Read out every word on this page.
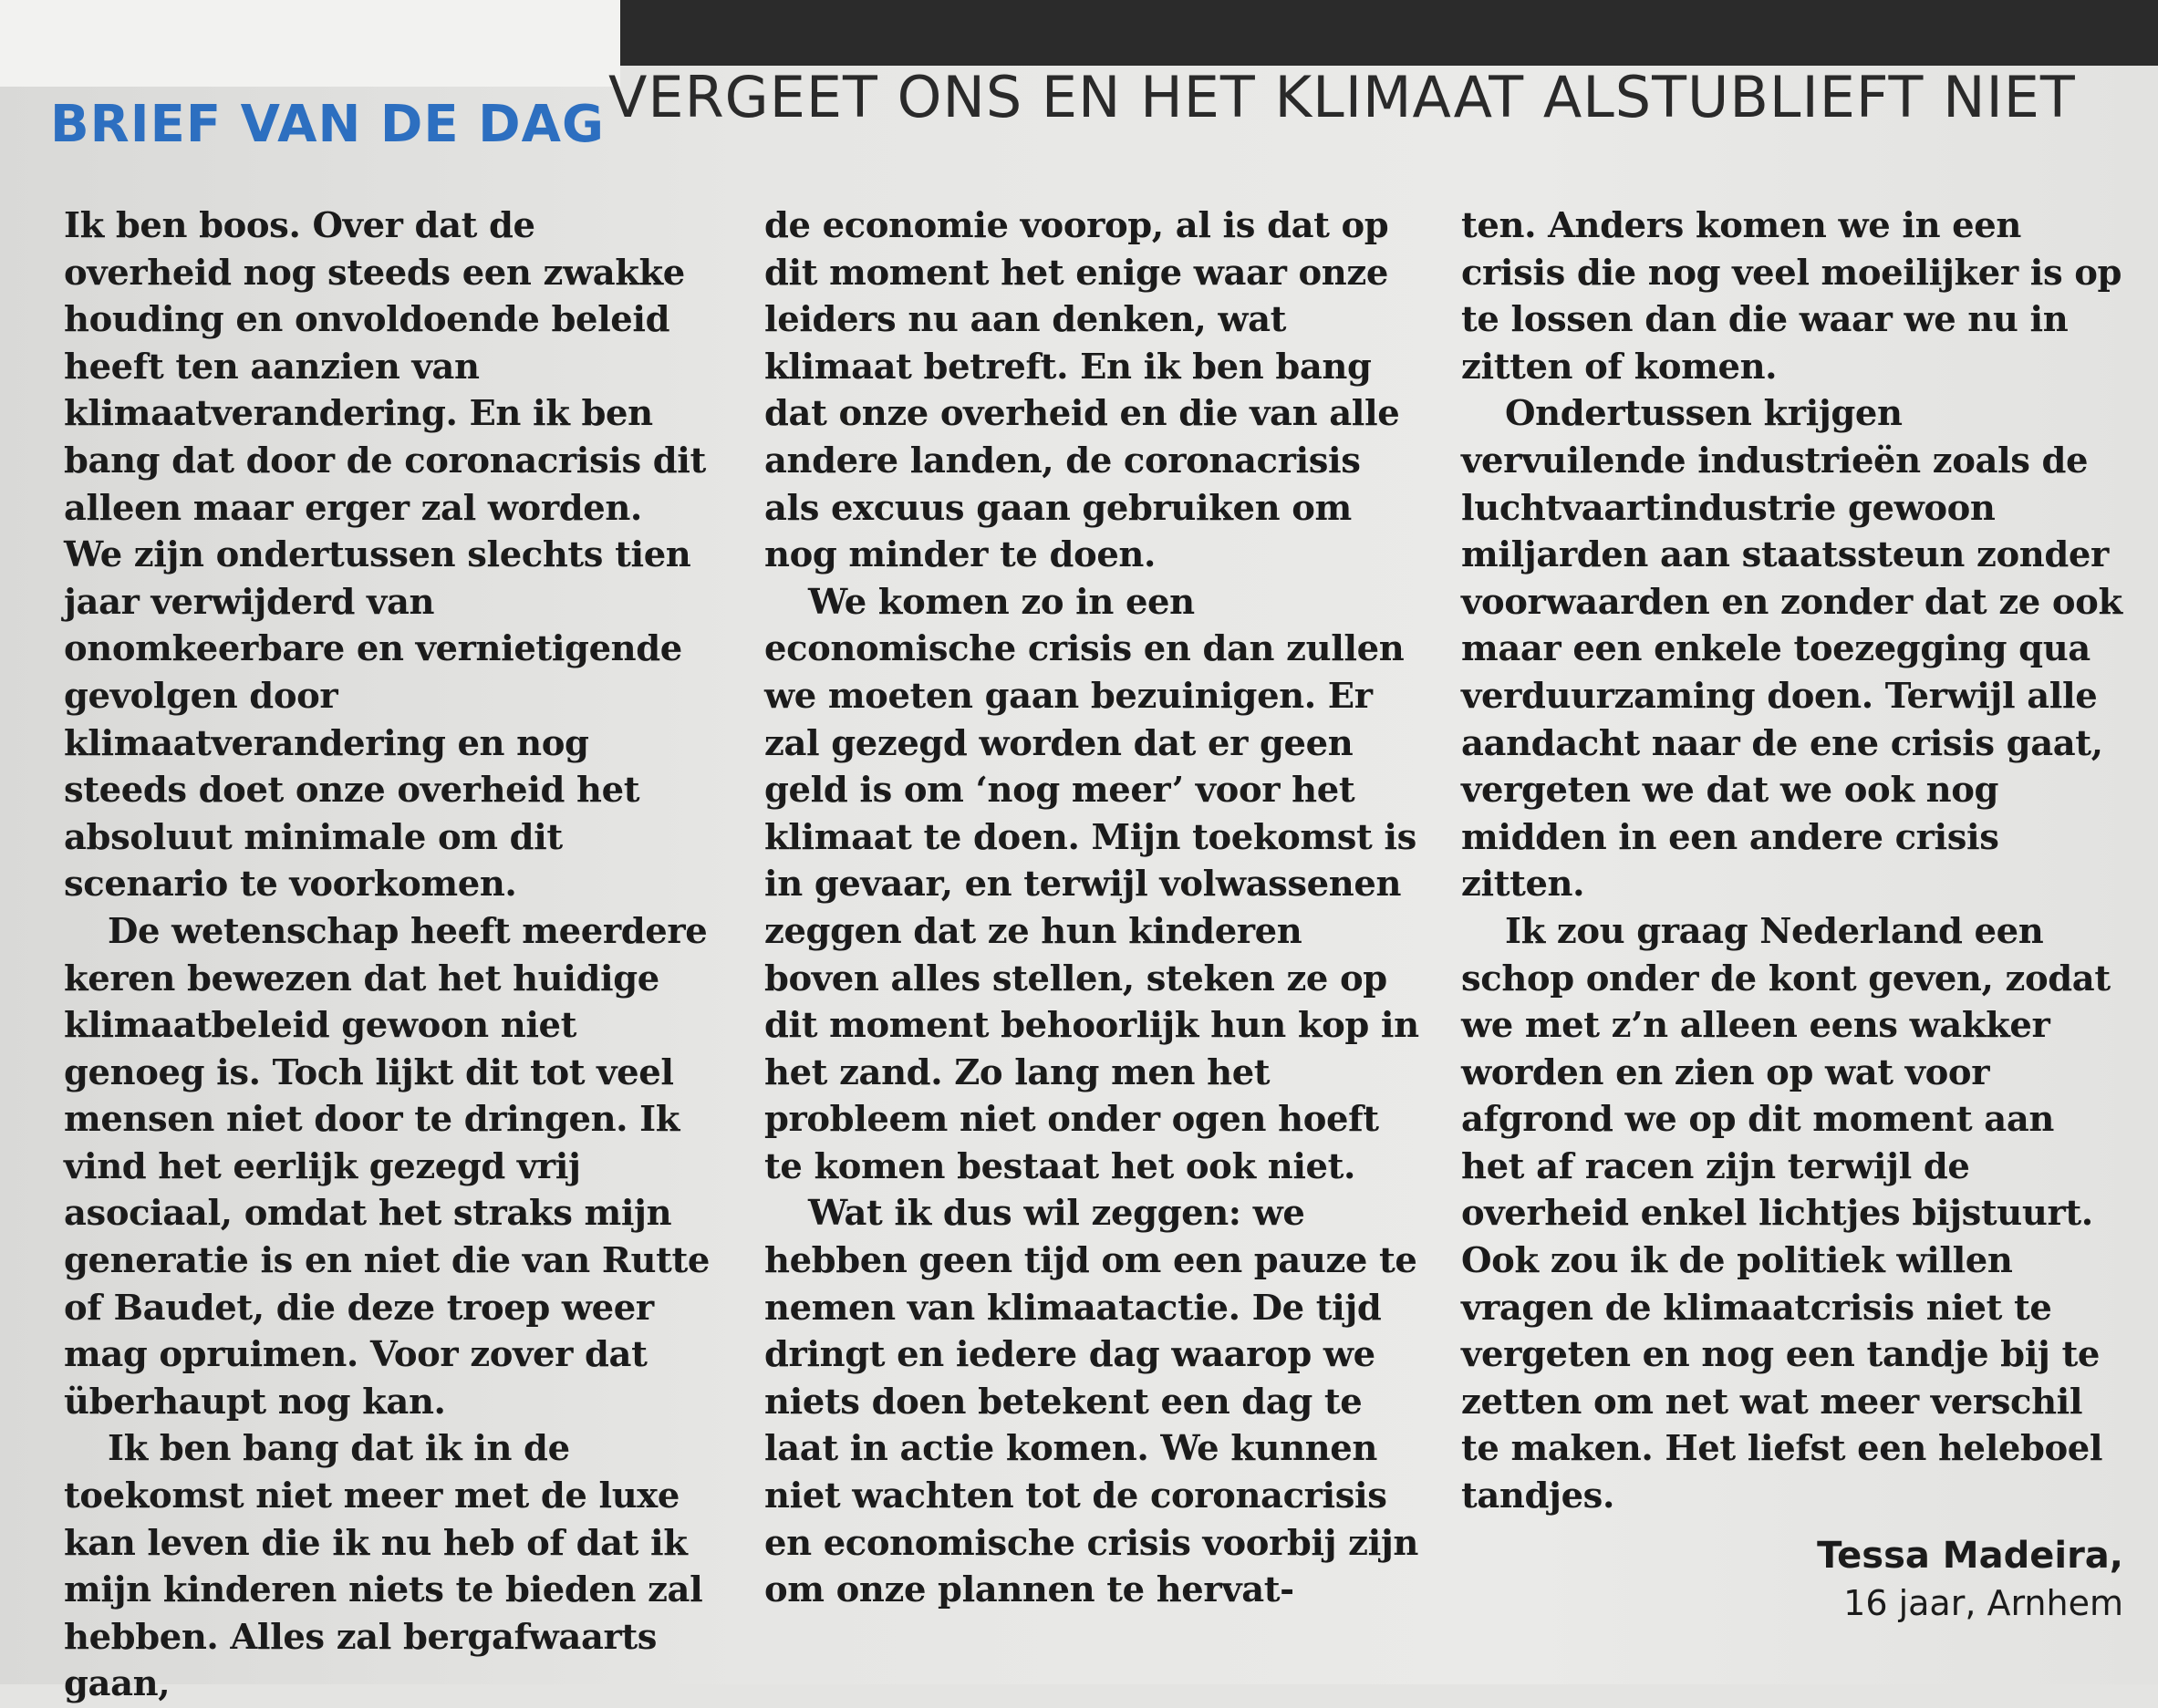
BRIEF VAN DE DAG VERGEET ONS EN HET KLIMAAT ALSTUBLIEFT NIET

Ik ben boos. Over dat de overheid nog steeds een zwakke houding en onvoldoende beleid heeft ten aanzien van klimaatverandering. En ik ben bang dat door de coronacrisis dit alleen maar erger zal worden. We zijn ondertussen slechts tien jaar verwijderd van onomkeerbare en vernietigende gevolgen door klimaatverandering en nog steeds doet onze overheid het absoluut minimale om dit scenario te voorkomen.

De wetenschap heeft meerdere keren bewezen dat het huidige klimaatbeleid gewoon niet genoeg is. Toch lijkt dit tot veel mensen niet door te dringen. Ik vind het eerlijk gezegd vrij asociaal, omdat het straks mijn generatie is en niet die van Rutte of Baudet, die deze troep weer mag opruimen. Voor zover dat überhaupt nog kan.

Ik ben bang dat ik in de toekomst niet meer met de luxe kan leven die ik nu heb of dat ik mijn kinderen niets te bieden zal hebben. Alles zal bergafwaarts gaan,

de economie voorop, al is dat op dit moment het enige waar onze leiders nu aan denken, wat klimaat betreft. En ik ben bang dat onze overheid en die van alle andere landen, de coronacrisis als excuus gaan gebruiken om nog minder te doen.

We komen zo in een economische crisis en dan zullen we moeten gaan bezuinigen. Er zal gezegd worden dat er geen geld is om ‘nog meer’ voor het klimaat te doen. Mijn toekomst is in gevaar, en terwijl volwassenen zeggen dat ze hun kinderen boven alles stellen, steken ze op dit moment behoorlijk hun kop in het zand. Zo lang men het probleem niet onder ogen hoeft te komen bestaat het ook niet.

Wat ik dus wil zeggen: we hebben geen tijd om een pauze te nemen van klimaatactie. De tijd dringt en iedere dag waarop we niets doen betekent een dag te laat in actie komen. We kunnen niet wachten tot de coronacrisis en economische crisis voorbij zijn om onze plannen te hervat-

ten. Anders komen we in een crisis die nog veel moeilijker is op te lossen dan die waar we nu in zitten of komen.

Ondertussen krijgen vervuilende industrieën zoals de luchtvaartindustrie gewoon miljarden aan staatssteun zonder voorwaarden en zonder dat ze ook maar een enkele toezegging qua verduurzaming doen. Terwijl alle aandacht naar de ene crisis gaat, vergeten we dat we ook nog midden in een andere crisis zitten.

Ik zou graag Nederland een schop onder de kont geven, zodat we met z’n alleen eens wakker worden en zien op wat voor afgrond we op dit moment aan het af racen zijn terwijl de overheid enkel lichtjes bijstuurt. Ook zou ik de politiek willen vragen de klimaatcrisis niet te vergeten en nog een tandje bij te zetten om net wat meer verschil te maken. Het liefst een heleboel tandjes.

Tessa Madeira,
16 jaar, Arnhem
